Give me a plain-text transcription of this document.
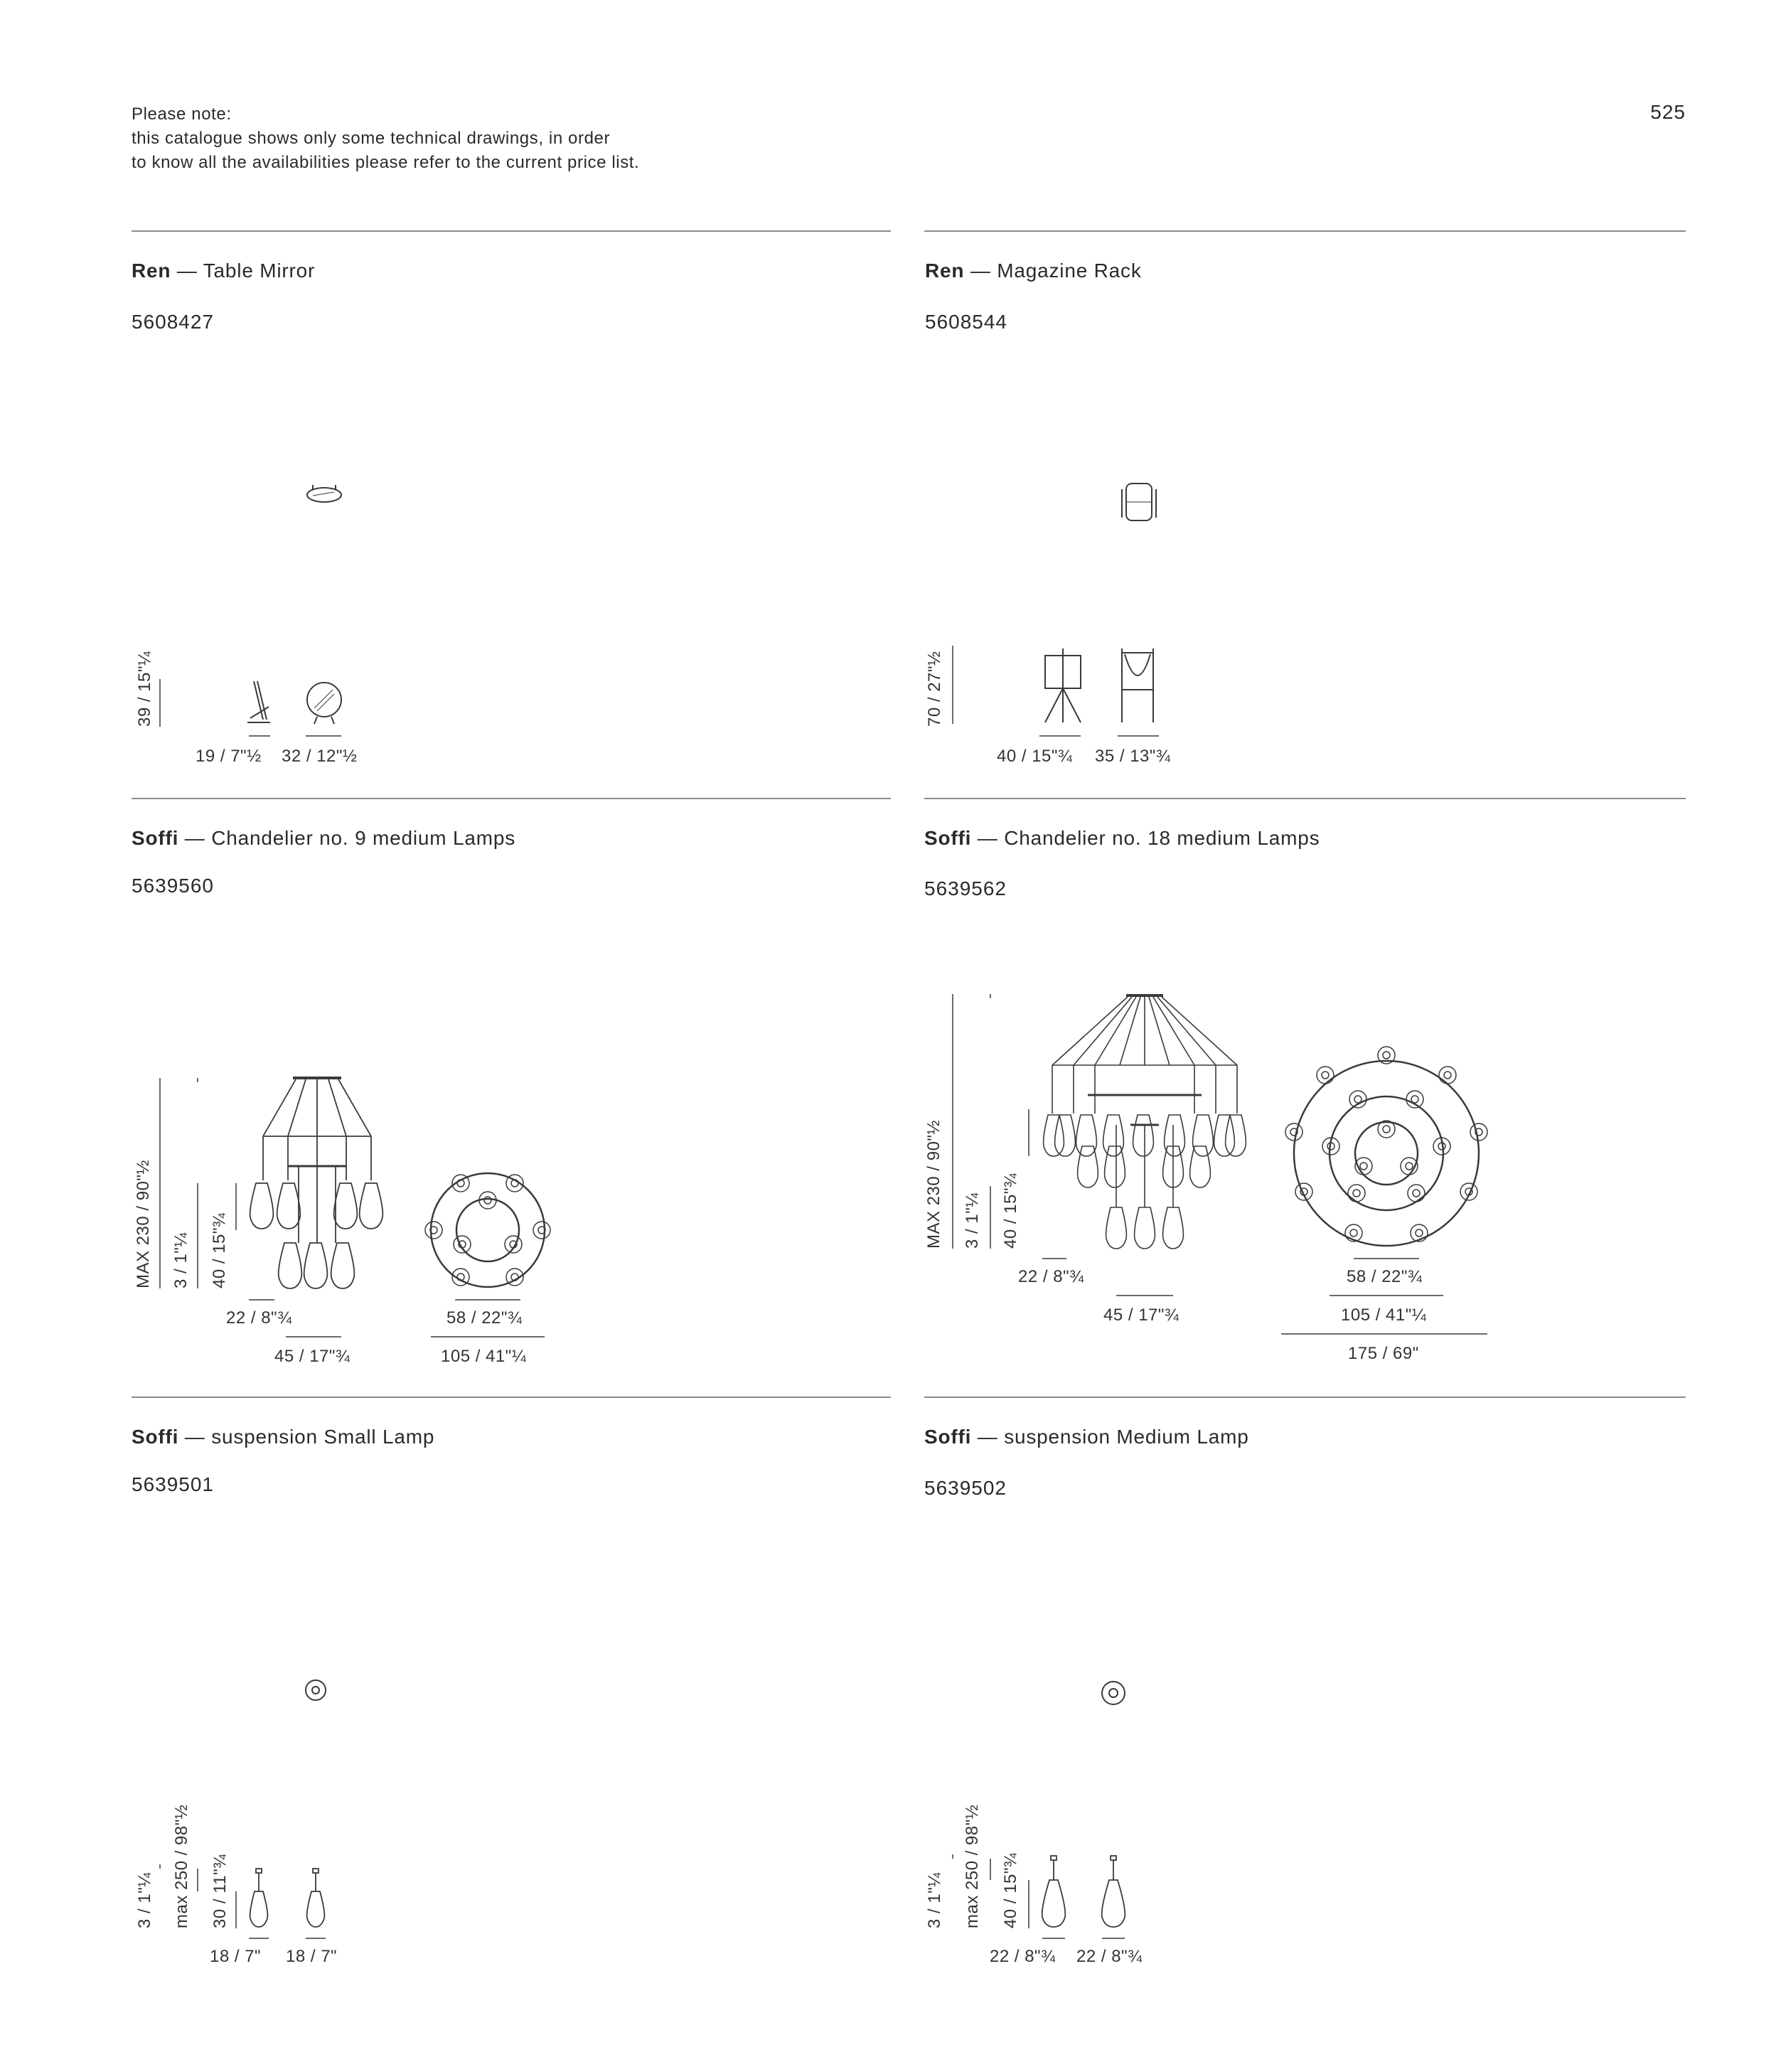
Please note:
this catalogue shows only some technical drawings, in order
to know all the availabilities please refer to the current price list.
525
Ren — Table Mirror
5608427
Ren — Magazine Rack
5608544
Soffi — Chandelier no. 9 medium Lamps
5639560
Soffi — Chandelier no. 18 medium Lamps
5639562
Soffi — suspension Small Lamp
5639501
Soffi — suspension Medium Lamp
5639502
39 / 15"¼
19 / 7"½ 32 / 12"½
70 / 27"½
40 / 15"¾ 35 / 13"¾
MAX 230 / 90"½ 3 / 1"¼ 40 / 15"¾
22 / 8"¾
45 / 17"¾
58 / 22"¾
105 / 41"¼
MAX 230 / 90"½ 3 / 1"¼ 40 / 15"¾
22 / 8"¾
45 / 17"¾
58 / 22"¾
105 / 41"¼
175 / 69"
3 / 1"¼ max 250 / 98"½ 30 / 11"¾
18 / 7" 18 / 7"
3 / 1"¼ max 250 / 98"½ 40 / 15"¾
22 / 8"¾ 22 / 8"¾
